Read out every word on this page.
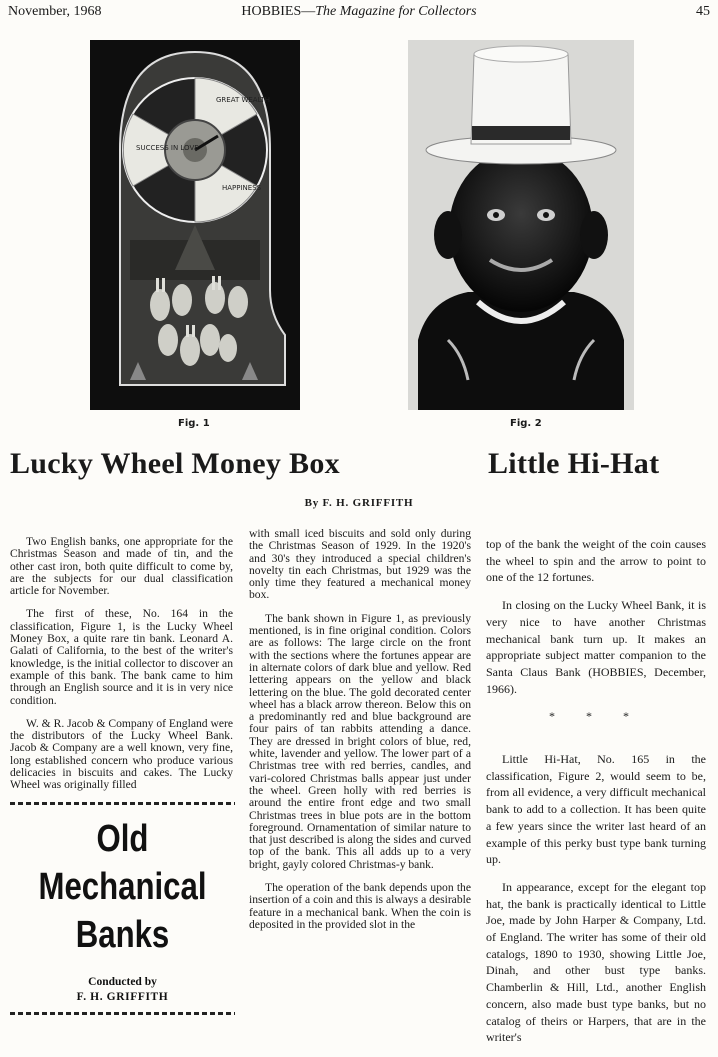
November, 1968	HOBBIES—The Magazine for Collectors	45
GREAT WEALTH
HAPPINESS
SUCCESS IN LOVE
Fig. 1	Fig. 2
Lucky Wheel Money Box	Little Hi-Hat
By F. H. GRIFFITH

Two English banks, one appropriate for the Christmas Season and made of tin, and the other cast iron, both quite difficult to come by, are the subjects for our dual classification article for November.

The first of these, No. 164 in the classification, Figure 1, is the Lucky Wheel Money Box, a quite rare tin bank. Leonard A. Galati of California, to the best of the writer's knowledge, is the initial collector to discover an example of this bank. The bank came to him through an English source and it is in very nice condition.

W. & R. Jacob & Company of England were the distributors of the Lucky Wheel Bank. Jacob & Company are a well known, very fine, long established concern who produce various delicacies in biscuits and cakes. The Lucky Wheel was originally filled

Old
Mechanical
Banks
Conducted by
F. H. GRIFFITH

with small iced biscuits and sold only during the Christmas Season of 1929. In the 1920's and 30's they introduced a special children's novelty tin each Christmas, but 1929 was the only time they featured a mechanical money box.

The bank shown in Figure 1, as previously mentioned, is in fine original condition. Colors are as follows: The large circle on the front with the sections where the fortunes appear are in alternate colors of dark blue and yellow. Red lettering appears on the yellow and black lettering on the blue. The gold decorated center wheel has a black arrow thereon. Below this on a predominantly red and blue background are four pairs of tan rabbits attending a dance. They are dressed in bright colors of blue, red, white, lavender and yellow. The lower part of a Christmas tree with red berries, candles, and vari-colored Christmas balls appear just under the wheel. Green holly with red berries is around the entire front edge and two small Christmas trees in blue pots are in the bottom foreground. Ornamentation of similar nature to that just described is along the sides and curved top of the bank. This all adds up to a very bright, gayly colored Christmas-y bank.

The operation of the bank depends upon the insertion of a coin and this is always a desirable feature in a mechanical bank. When the coin is deposited in the provided slot in the

top of the bank the weight of the coin causes the wheel to spin and the arrow to point to one of the 12 fortunes.

In closing on the Lucky Wheel Bank, it is very nice to have another Christmas mechanical bank turn up. It makes an appropriate subject matter companion to the Santa Claus Bank (HOBBIES, December, 1966).

* * *

Little Hi-Hat, No. 165 in the classification, Figure 2, would seem to be, from all evidence, a very difficult mechanical bank to add to a collection. It has been quite a few years since the writer last heard of an example of this perky bust type bank turning up.

In appearance, except for the elegant top hat, the bank is practically identical to Little Joe, made by John Harper & Company, Ltd. of England. The writer has some of their old catalogs, 1890 to 1930, showing Little Joe, Dinah, and other bust type banks. Chamberlin & Hill, Ltd., another English concern, also made bust type banks, but no catalog of theirs or Harpers, that are in the writer's
